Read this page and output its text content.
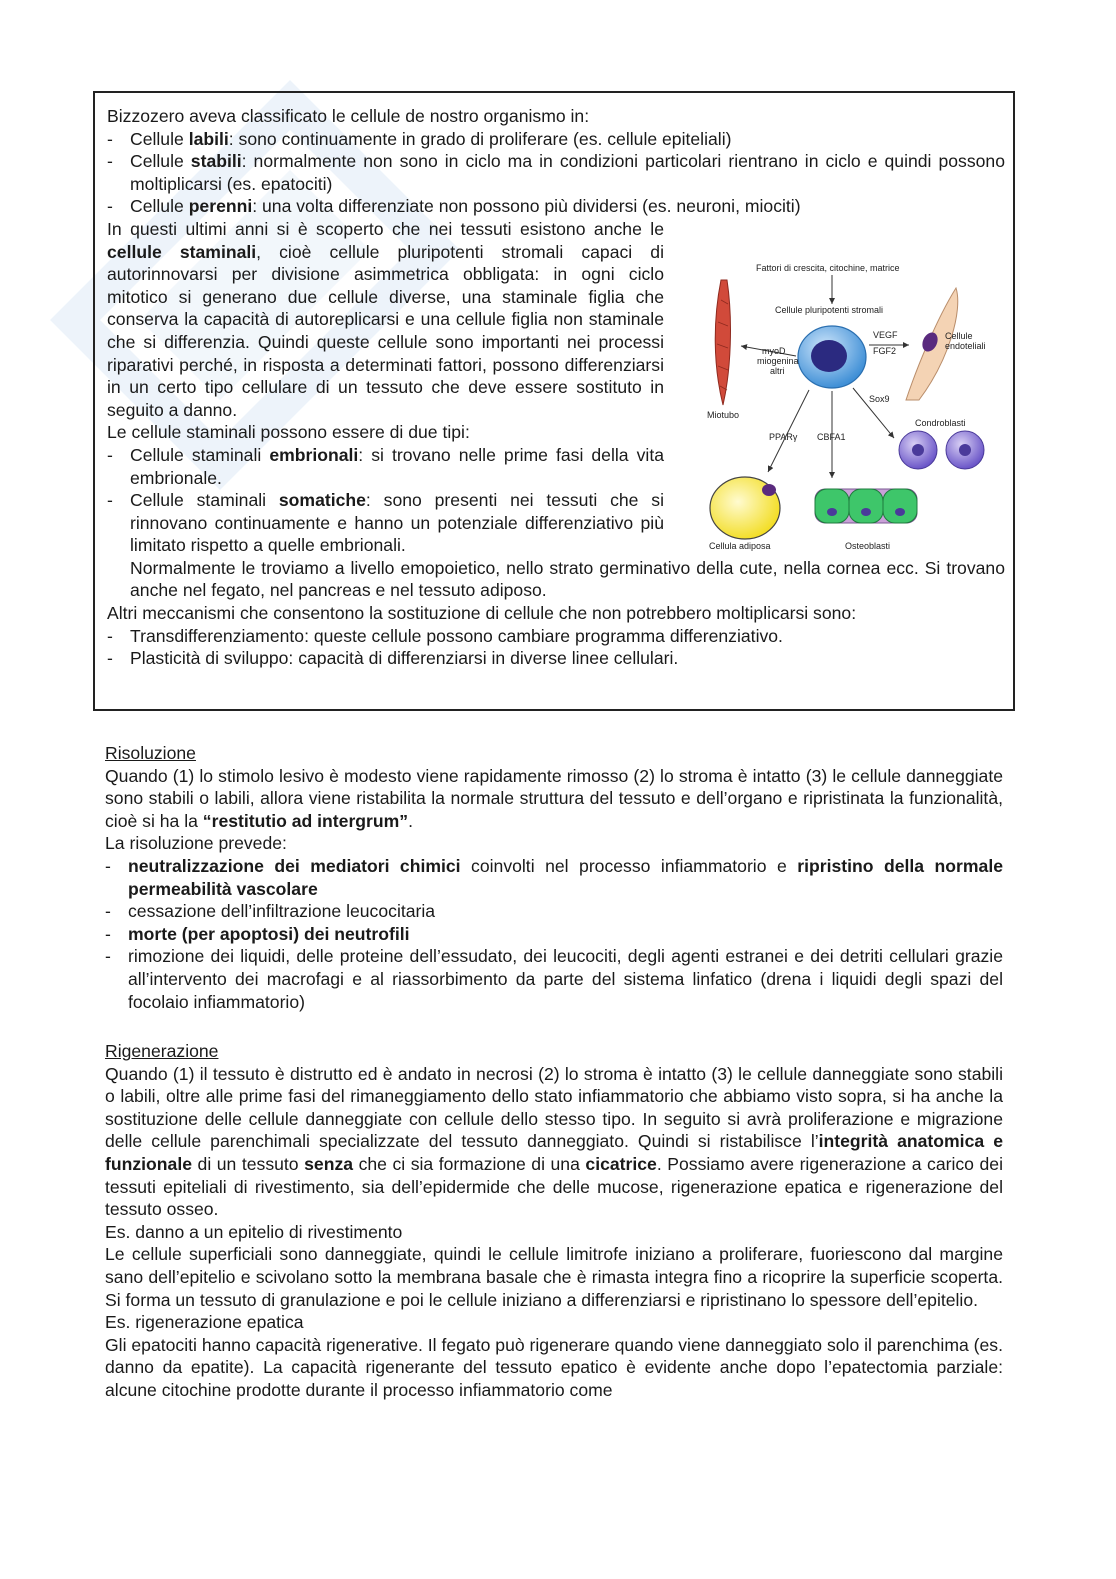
Bizzozero aveva classificato le cellule de nostro organismo in:

- Cellule labili: sono continuamente in grado di proliferare (es. cellule epiteliali)
- Cellule stabili: normalmente non sono in ciclo ma in condizioni particolari rientrano in ciclo e quindi possono moltiplicarsi (es. epatociti)
- Cellule perenni: una volta differenziate non possono più dividersi (es. neuroni, miociti)

In questi ultimi anni si è scoperto che nei tessuti esistono anche le cellule staminali, cioè cellule pluripotenti stromali capaci di autorinnovarsi per divisione asimmetrica obbligata: in ogni ciclo mitotico si generano due cellule diverse, una staminale figlia che conserva la capacità di autoreplicarsi e una cellule figlia non staminale che si differenzia. Quindi queste cellule sono importanti nei processi riparativi perché, in risposta a determinati fattori, possono differenziarsi in un certo tipo cellulare di un tessuto che deve essere sostituto in seguito a danno.

Le cellule staminali possono essere di due tipi:

- Cellule staminali embrionali: si trovano nelle prime fasi della vita embrionale.
- Cellule staminali somatiche: sono presenti nei tessuti che si rinnovano continuamente e hanno un potenziale differenziativo più limitato rispetto a quelle embrionali.

Normalmente le troviamo a livello emopoietico, nello strato germinativo della cute, nella cornea ecc. Si trovano anche nel fegato, nel pancreas e nel tessuto adiposo.

Altri meccanismi che consentono la sostituzione di cellule che non potrebbero moltiplicarsi sono:

- Transdifferenziamento: queste cellule possono cambiare programma differenziativo.
- Plasticità di sviluppo: capacità di differenziarsi in diverse linee cellulari.
Fattori di crescita, citochine, matrice
Cellule pluripotenti stromali
Miotubo
myoD
miogenina
altri
VEGF
FGF2
Cellule
endoteliali
Sox9
Condroblasti
PPARγ
Cellula adiposa
CBFA1
Osteoblasti

Risoluzione

Quando (1) lo stimolo lesivo è modesto viene rapidamente rimosso (2) lo stroma è intatto (3) le cellule danneggiate sono stabili o labili, allora viene ristabilita la normale struttura del tessuto e dell’organo e ripristinata la funzionalità, cioè si ha la “restitutio ad intergrum”.

La risoluzione prevede:

- neutralizzazione dei mediatori chimici coinvolti nel processo infiammatorio e ripristino della normale permeabilità vascolare
- cessazione dell’infiltrazione leucocitaria
- morte (per apoptosi) dei neutrofili
- rimozione dei liquidi, delle proteine dell’essudato, dei leucociti, degli agenti estranei e dei detriti cellulari grazie all’intervento dei macrofagi e al riassorbimento da parte del sistema linfatico (drena i liquidi degli spazi del focolaio infiammatorio)

Rigenerazione

Quando (1) il tessuto è distrutto ed è andato in necrosi (2) lo stroma è intatto (3) le cellule danneggiate sono stabili o labili, oltre alle prime fasi del rimaneggiamento dello stato infiammatorio che abbiamo visto sopra, si ha anche la sostituzione delle cellule danneggiate con cellule dello stesso tipo. In seguito si avrà proliferazione e migrazione delle cellule parenchimali specializzate del tessuto danneggiato. Quindi si ristabilisce l’integrità anatomica e funzionale di un tessuto senza che ci sia formazione di una cicatrice. Possiamo avere rigenerazione a carico dei tessuti epiteliali di rivestimento, sia dell’epidermide che delle mucose, rigenerazione epatica e rigenerazione del tessuto osseo.

Es. danno a un epitelio di rivestimento

Le cellule superficiali sono danneggiate, quindi le cellule limitrofe iniziano a proliferare, fuoriescono dal margine sano dell’epitelio e scivolano sotto la membrana basale che è rimasta integra fino a ricoprire la superficie scoperta. Si forma un tessuto di granulazione e poi le cellule iniziano a differenziarsi e ripristinano lo spessore dell’epitelio.

Es. rigenerazione epatica

Gli epatociti hanno capacità rigenerative. Il fegato può rigenerare quando viene danneggiato solo il parenchima (es. danno da epatite). La capacità rigenerante del tessuto epatico è evidente anche dopo l’epatectomia parziale: alcune citochine prodotte durante il processo infiammatorio come
